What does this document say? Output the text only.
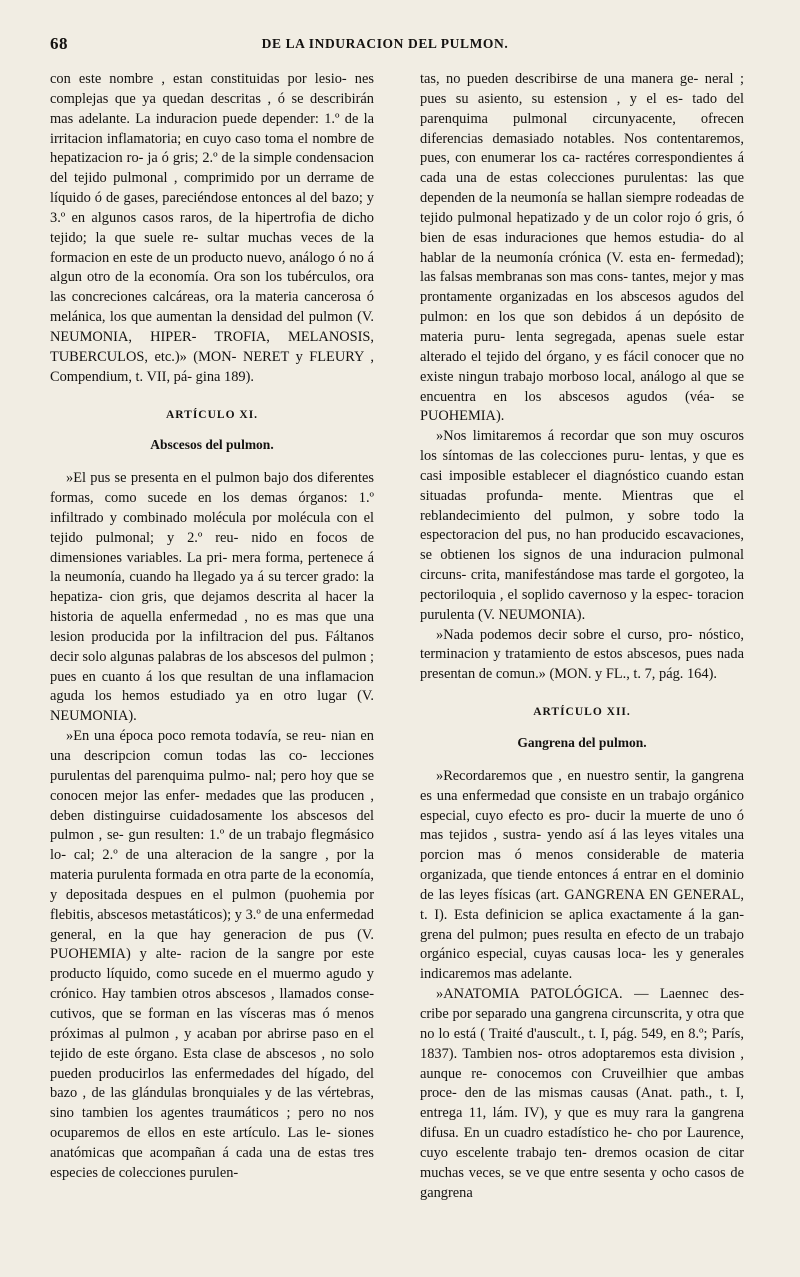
68	DE LA INDURACION DEL PULMON.

con este nombre , estan constituidas por lesio- nes complejas que ya quedan descritas , ó se describirán mas adelante. La induracion puede depender: 1.º de la irritacion inflamatoria; en cuyo caso toma el nombre de hepatizacion ro- ja ó gris; 2.º de la simple condensacion del tejido pulmonal , comprimido por un derrame de líquido ó de gases, pareciéndose entonces al del bazo; y 3.º en algunos casos raros, de la hipertrofia de dicho tejido; la que suele re- sultar muchas veces de la formacion en este de un producto nuevo, análogo ó no á algun otro de la economía. Ora son los tubérculos, ora las concreciones calcáreas, ora la materia cancerosa ó melánica, los que aumentan la densidad del pulmon (V. NEUMONIA, HIPER- TROFIA, MELANOSIS, TUBERCULOS, etc.)» (MON- NERET y FLEURY , Compendium, t. VII, pá- gina 189).

ARTÍCULO XI.
Abscesos del pulmon.

»El pus se presenta en el pulmon bajo dos diferentes formas, como sucede en los demas órganos: 1.º infiltrado y combinado molécula por molécula con el tejido pulmonal; y 2.º reu- nido en focos de dimensiones variables. La pri- mera forma, pertenece á la neumonía, cuando ha llegado ya á su tercer grado: la hepatiza- cion gris, que dejamos descrita al hacer la historia de aquella enfermedad , no es mas que una lesion producida por la infiltracion del pus. Fáltanos decir solo algunas palabras de los abscesos del pulmon ; pues en cuanto á los que resultan de una inflamacion aguda los hemos estudiado ya en otro lugar (V. NEUMONIA).

»En una época poco remota todavía, se reu- nian en una descripcion comun todas las co- lecciones purulentas del parenquima pulmo- nal; pero hoy que se conocen mejor las enfer- medades que las producen , deben distinguirse cuidadosamente los abscesos del pulmon , se- gun resulten: 1.º de un trabajo flegmásico lo- cal; 2.º de una alteracion de la sangre , por la materia purulenta formada en otra parte de la economía, y depositada despues en el pulmon (puohemia por flebitis, abscesos metastáticos); y 3.º de una enfermedad general, en la que hay generacion de pus (V. PUOHEMIA) y alte- racion de la sangre por este producto líquido, como sucede en el muermo agudo y crónico. Hay tambien otros abscesos , llamados conse- cutivos, que se forman en las vísceras mas ó menos próximas al pulmon , y acaban por abrirse paso en el tejido de este órgano. Esta clase de abscesos , no solo pueden producirlos las enfermedades del hígado, del bazo , de las glándulas bronquiales y de las vértebras, sino tambien los agentes traumáticos ; pero no nos ocuparemos de ellos en este artículo. Las le- siones anatómicas que acompañan á cada una de estas tres especies de colecciones purulen-

tas, no pueden describirse de una manera ge- neral ; pues su asiento, su estension , y el es- tado del parenquima pulmonal circunyacente, ofrecen diferencias demasiado notables. Nos contentaremos, pues, con enumerar los ca- ractéres correspondientes á cada una de estas colecciones purulentas: las que dependen de la neumonía se hallan siempre rodeadas de tejido pulmonal hepatizado y de un color rojo ó gris, ó bien de esas induraciones que hemos estudia- do al hablar de la neumonía crónica (V. esta en- fermedad); las falsas membranas son mas cons- tantes, mejor y mas prontamente organizadas en los abscesos agudos del pulmon: en los que son debidos á un depósito de materia puru- lenta segregada, apenas suele estar alterado el tejido del órgano, y es fácil conocer que no existe ningun trabajo morboso local, análogo al que se encuentra en los abscesos agudos (véa- se PUOHEMIA).

»Nos limitaremos á recordar que son muy oscuros los síntomas de las colecciones puru- lentas, y que es casi imposible establecer el diagnóstico cuando estan situadas profunda- mente. Mientras que el reblandecimiento del pulmon, y sobre todo la espectoracion del pus, no han producido escavaciones, se obtienen los signos de una induracion pulmonal circuns- crita, manifestándose mas tarde el gorgoteo, la pectoriloquia , el soplido cavernoso y la espec- toracion purulenta (V. NEUMONIA).

»Nada podemos decir sobre el curso, pro- nóstico, terminacion y tratamiento de estos abscesos, pues nada presentan de comun.» (MON. y FL., t. 7, pág. 164).

ARTÍCULO XII.
Gangrena del pulmon.

»Recordaremos que , en nuestro sentir, la gangrena es una enfermedad que consiste en un trabajo orgánico especial, cuyo efecto es pro- ducir la muerte de uno ó mas tejidos , sustra- yendo así á las leyes vitales una porcion mas ó menos considerable de materia organizada, que tiende entonces á entrar en el dominio de las leyes físicas (art. GANGRENA EN GENERAL, t. I). Esta definicion se aplica exactamente á la gan- grena del pulmon; pues resulta en efecto de un trabajo orgánico especial, cuyas causas loca- les y generales indicaremos mas adelante.

»ANATOMIA PATOLÓGICA. — Laennec des- cribe por separado una gangrena circunscrita, y otra que no lo está ( Traité d'auscult., t. I, pág. 549, en 8.º; París, 1837). Tambien nos- otros adoptaremos esta division , aunque re- conocemos con Cruveilhier que ambas proce- den de las mismas causas (Anat. path., t. I, entrega 11, lám. IV), y que es muy rara la gangrena difusa. En un cuadro estadístico he- cho por Laurence, cuyo escelente trabajo ten- dremos ocasion de citar muchas veces, se ve que entre sesenta y ocho casos de gangrena
